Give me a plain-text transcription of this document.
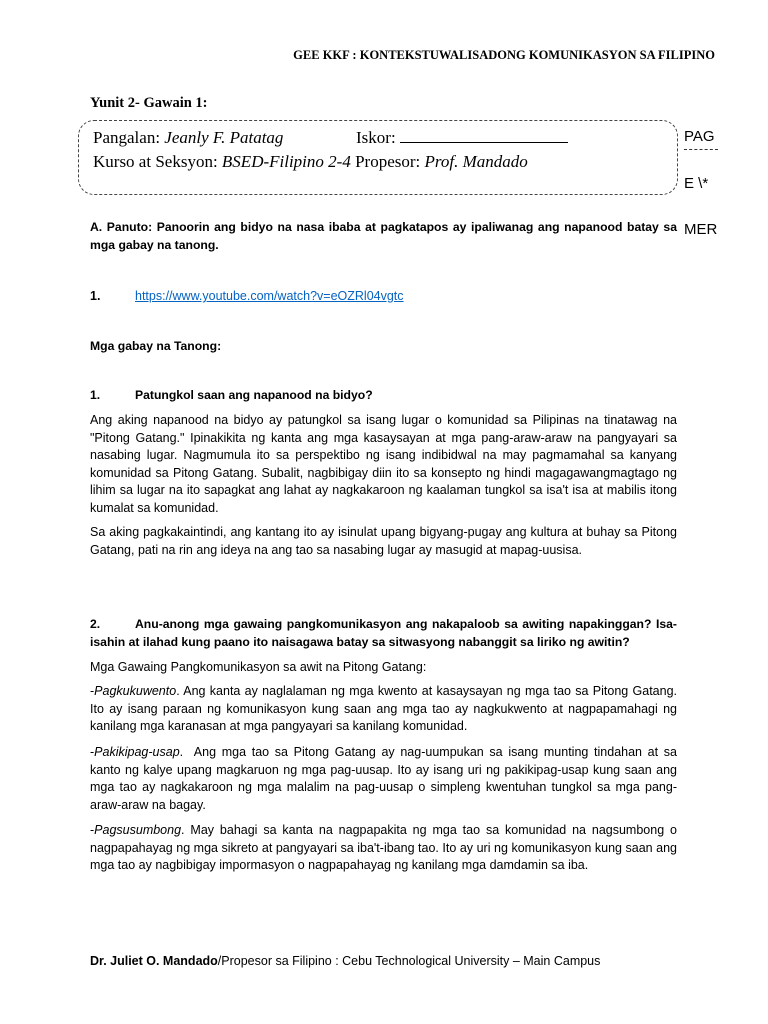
GEE KKF : KONTEKSTUWALISADONG KOMUNIKASYON SA FILIPINO

Yunit 2- Gawain 1:

PAG

E \*

MER

Pangalan: Jeanly F. Patatag	Iskor:
Kurso at Seksyon: BSED-Filipino 2-4 Propesor: Prof. Mandado

A. Panuto: Panoorin ang bidyo na nasa ibaba at pagkatapos ay ipaliwanag ang napanood batay sa mga gabay na tanong.

1.	https://www.youtube.com/watch?v=eOZRl04vgtc

Mga gabay na Tanong:

1.	Patungkol saan ang napanood na bidyo?

Ang aking napanood na bidyo ay patungkol sa isang lugar o komunidad sa Pilipinas na tinatawag na "Pitong Gatang." Ipinakikita ng kanta ang mga kasaysayan at mga pang-araw-araw na pangyayari sa nasabing lugar. Nagmumula ito sa perspektibo ng isang indibidwal na may pagmamahal sa kanyang komunidad sa Pitong Gatang. Subalit, nagbibigay diin ito sa konsepto ng hindi magagawangmagtago ng lihim sa lugar na ito sapagkat ang lahat ay nagkakaroon ng kaalaman tungkol sa isa't isa at mabilis itong kumalat sa komunidad.

Sa aking pagkakaintindi, ang kantang ito ay isinulat upang bigyang-pugay ang kultura at buhay sa Pitong Gatang, pati na rin ang ideya na ang tao sa nasabing lugar ay masugid at mapag-uusisa.

2.	Anu-anong mga gawaing pangkomunikasyon ang nakapaloob sa awiting napakinggan? Isa-isahin at ilahad kung paano ito naisagawa batay sa sitwasyong nabanggit sa liriko ng awitin?

Mga Gawaing Pangkomunikasyon sa awit na Pitong Gatang:

-Pagkukuwento. Ang kanta ay naglalaman ng mga kwento at kasaysayan ng mga tao sa Pitong Gatang. Ito ay isang paraan ng komunikasyon kung saan ang mga tao ay nagkukwento at nagpapamahagi ng kanilang mga karanasan at mga pangyayari sa kanilang komunidad.

-Pakikipag-usap.  Ang mga tao sa Pitong Gatang ay nag-uumpukan sa isang munting tindahan at sa kanto ng kalye upang magkaruon ng mga pag-uusap. Ito ay isang uri ng pakikipag-usap kung saan ang mga tao ay nagkakaroon ng mga malalim na pag-uusap o simpleng kwentuhan tungkol sa mga pang-araw-araw na bagay.

-Pagsusumbong. May bahagi sa kanta na nagpapakita ng mga tao sa komunidad na nagsumbong o nagpapahayag ng mga sikreto at pangyayari sa iba't-ibang tao. Ito ay uri ng komunikasyon kung saan ang mga tao ay nagbibigay impormasyon o nagpapahayag ng kanilang mga damdamin sa iba.

Dr. Juliet O. Mandado/Propesor sa Filipino : Cebu Technological University – Main Campus
